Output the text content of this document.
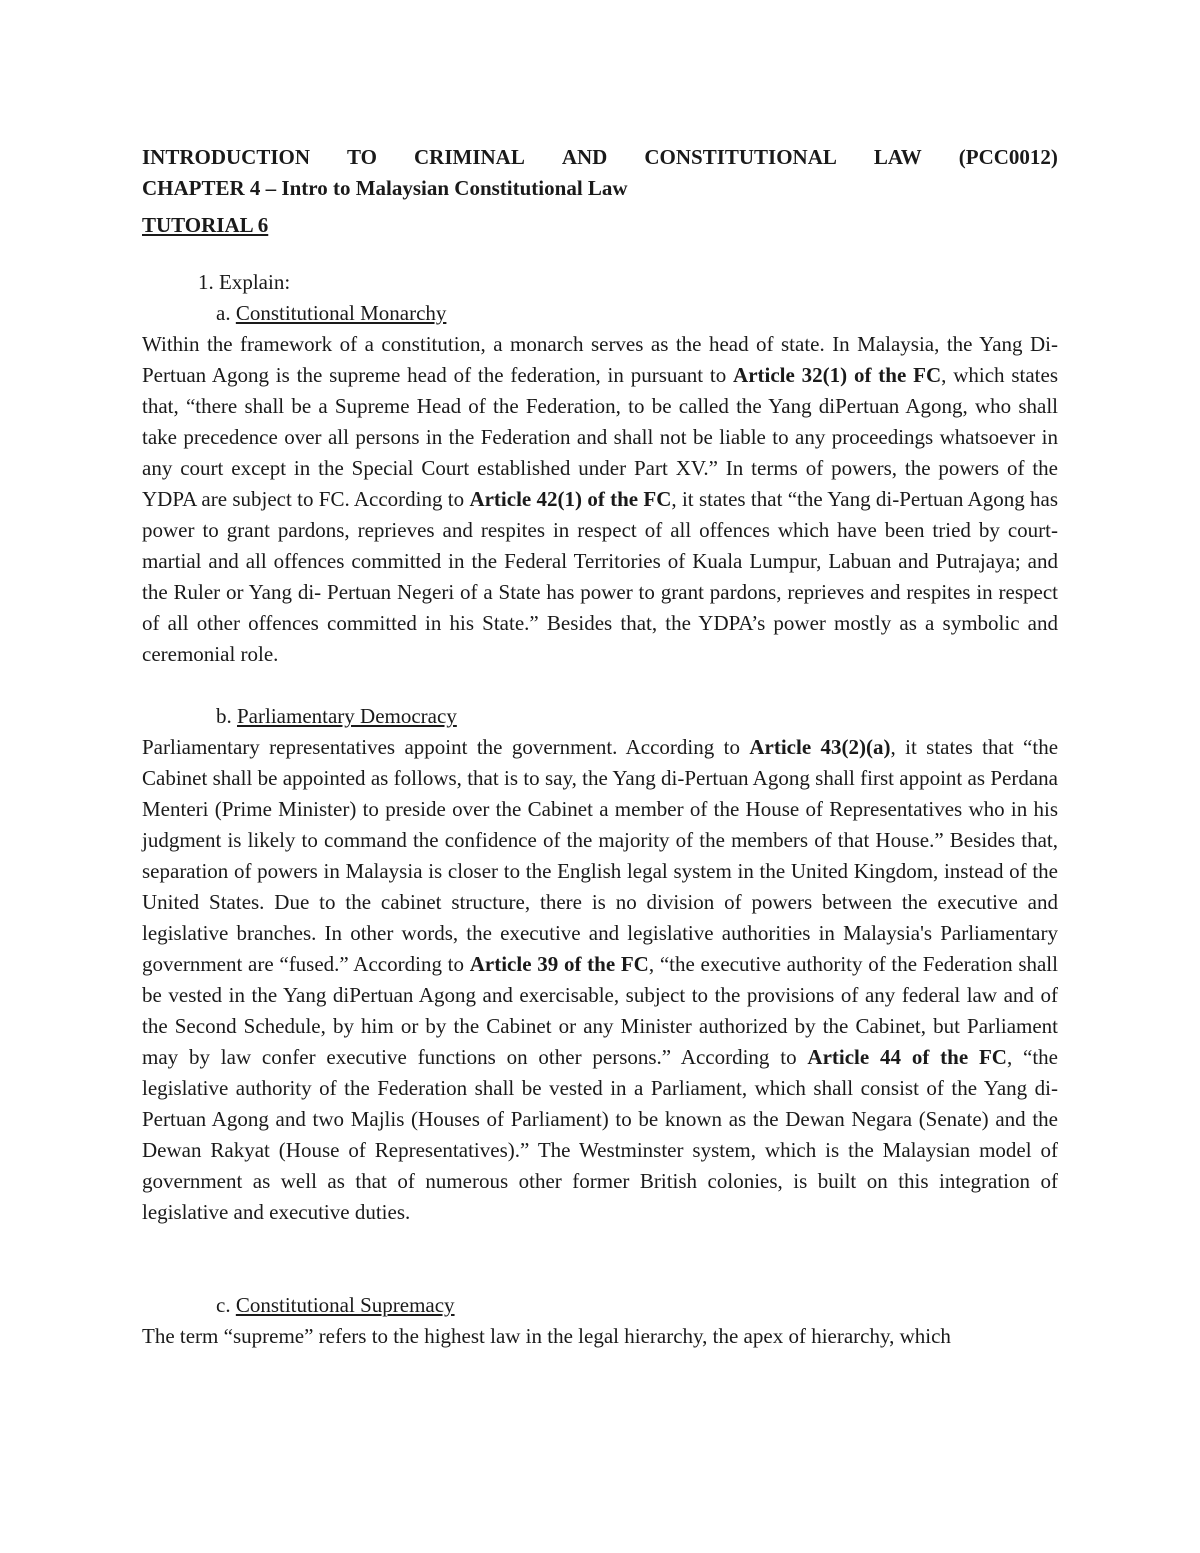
INTRODUCTION TO CRIMINAL AND CONSTITUTIONAL LAW (PCC0012)
CHAPTER 4 – Intro to Malaysian Constitutional Law
TUTORIAL 6
1. Explain:
a. Constitutional Monarchy
Within the framework of a constitution, a monarch serves as the head of state. In Malaysia, the Yang Di-Pertuan Agong is the supreme head of the federation, in pursuant to Article 32(1) of the FC, which states that, “there shall be a Supreme Head of the Federation, to be called the Yang diPertuan Agong, who shall take precedence over all persons in the Federation and shall not be liable to any proceedings whatsoever in any court except in the Special Court established under Part XV.” In terms of powers, the powers of the YDPA are subject to FC. According to Article 42(1) of the FC, it states that “the Yang di-Pertuan Agong has power to grant pardons, reprieves and respites in respect of all offences which have been tried by court-martial and all offences committed in the Federal Territories of Kuala Lumpur, Labuan and Putrajaya; and the Ruler or Yang di- Pertuan Negeri of a State has power to grant pardons, reprieves and respites in respect of all other offences committed in his State.” Besides that, the YDPA’s power mostly as a symbolic and ceremonial role.
b. Parliamentary Democracy
Parliamentary representatives appoint the government. According to Article 43(2)(a), it states that “the Cabinet shall be appointed as follows, that is to say, the Yang di-Pertuan Agong shall first appoint as Perdana Menteri (Prime Minister) to preside over the Cabinet a member of the House of Representatives who in his judgment is likely to command the confidence of the majority of the members of that House.” Besides that, separation of powers in Malaysia is closer to the English legal system in the United Kingdom, instead of the United States. Due to the cabinet structure, there is no division of powers between the executive and legislative branches. In other words, the executive and legislative authorities in Malaysia's Parliamentary government are “fused.” According to Article 39 of the FC, “the executive authority of the Federation shall be vested in the Yang diPertuan Agong and exercisable, subject to the provisions of any federal law and of the Second Schedule, by him or by the Cabinet or any Minister authorized by the Cabinet, but Parliament may by law confer executive functions on other persons.” According to Article 44 of the FC, “the legislative authority of the Federation shall be vested in a Parliament, which shall consist of the Yang di-Pertuan Agong and two Majlis (Houses of Parliament) to be known as the Dewan Negara (Senate) and the Dewan Rakyat (House of Representatives).” The Westminster system, which is the Malaysian model of government as well as that of numerous other former British colonies, is built on this integration of legislative and executive duties.
c. Constitutional Supremacy
The term “supreme” refers to the highest law in the legal hierarchy, the apex of hierarchy, which
